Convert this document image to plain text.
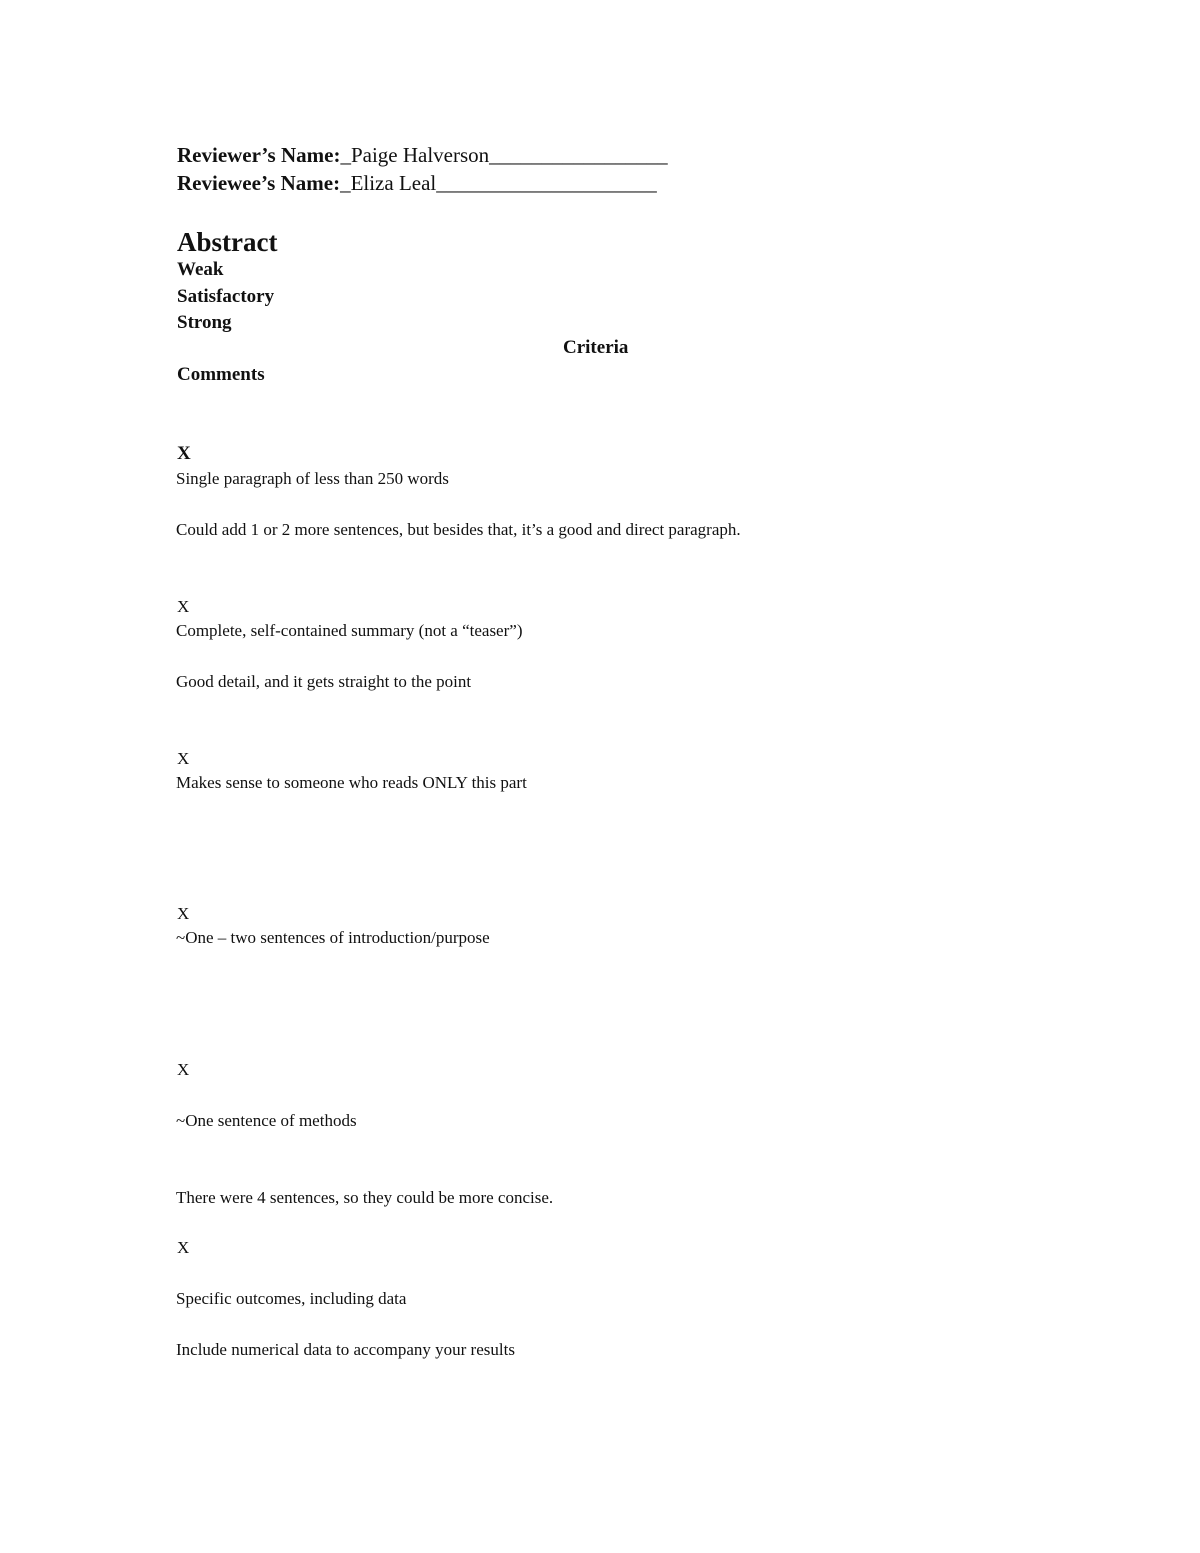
Reviewer’s Name:_Paige Halverson_________________
Reviewee’s Name:_Eliza Leal_____________________
Abstract
Weak
Satisfactory
Strong
Criteria
Comments
X
Single paragraph of less than 250 words
Could add 1 or 2 more sentences, but besides that, it’s a good and direct paragraph.
X
Complete, self-contained summary (not a “teaser”)
Good detail, and it gets straight to the point
X
Makes sense to someone who reads ONLY this part
X
~One – two sentences of introduction/purpose
X
~One sentence of methods
There were 4 sentences, so they could be more concise.
X
Specific outcomes, including data
Include numerical data to accompany your results
